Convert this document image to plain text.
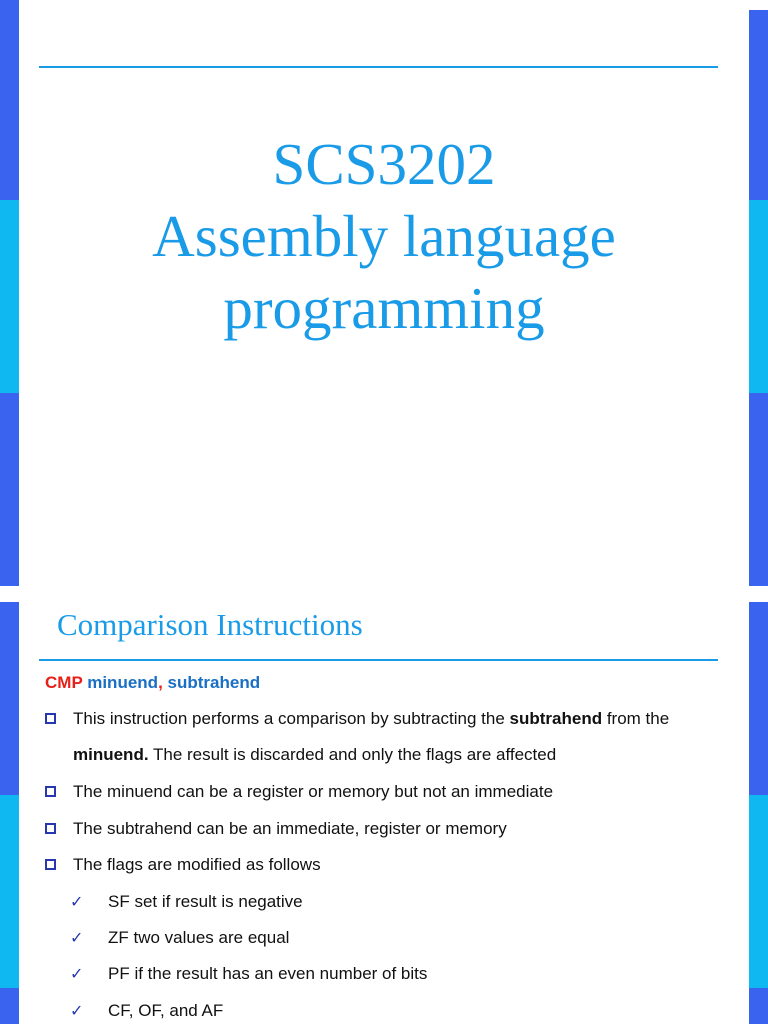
SCS3202
Assembly language
programming
Comparison Instructions
CMP minuend, subtrahend
This instruction performs a comparison by subtracting the subtrahend from the
minuend. The result is discarded and only the flags are affected
The minuend can be a register or memory but not an immediate
The subtrahend can be an immediate, register or memory
The flags are modified as follows
✓ SF set if result is negative
✓ ZF two values are equal
✓ PF if the result has an even number of bits
✓ CF, OF, and AF
